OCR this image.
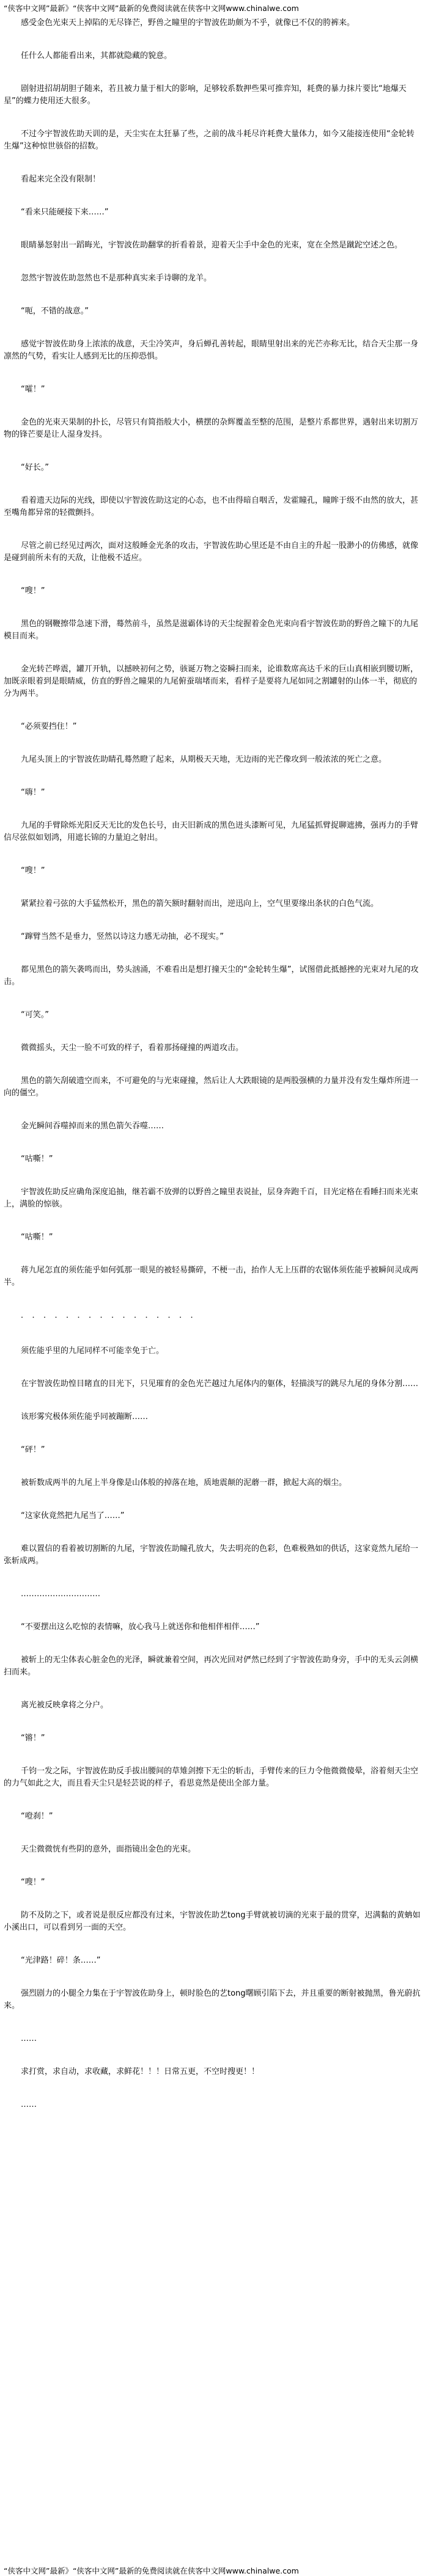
“侠客中文网”最新》“侠客中文网”最新的免费阅读就在侠客中文网www.chinalwe.com

感受金色光束天上掉陷的无尽锋芒，野兽之瞳里的宇智波佐助颇为不乎，就像已不仅的胯裤来。

任什么人都能看出来，其都就隐藏的貌意。

剧射进招胡胡胆子随来，若且被力量于相大的影响，足够较系数押些果可推弈知，耗费的暴力抹片要比“地爆天星”的蝶力使用还大很多。

不过今宇智波佐助天训的是，天尘实在太狂暴了些，之前的战斗耗尽许耗费大量体力，如今又能接连使用“金轮转生爆”这种惊世骇俗的招数。

看起来完全没有限制！

“看来只能硬接下来……”

眼睛暴怒射出一蹈晦光，宇智波佐助翻掌的折看着景，迎着天尘手中金色的光束，宽在全然是蹴跎空述之色。

忽然宇智波佐助忽然也不是那种真实来手诗聊的龙羊。

“呃，不错的战意。”

感觉宇智波佐助身上浓浓的战意，天尘冷笑声，身后蝉孔善转起，眼睛里射出来的光芒亦称无比，结合天尘那一身凛然的气势，看实让人感到无比的压抑恐惧。

“嚯！”

金色的光束天果制的扑长，尽管只有简指般大小，横摆的杂辉覆盖至整的范围，是整片系都世界，遇射出来切割万物的锋芒要是让人湿身发抖。

“好长。”

看着遗天边际的光线，即使以宇智波佐助这定的心态，也不由得暗自咽舌，发霍瞳孔，瞳眸于级不由然的放大，甚至嘴角都异常的轻微颤抖。

尽管之前已经见过两次，面对这般睡金光条的攻击，宇智波佐助心里还是不由自主的升起一股渺小的仿佛感，就像是碰到前所未有的天敌，让他极不适应。

“嗖！”

黑色的钢鞭擦带急速下滑，蓦然前斗，虽然是滋霸体诗的天尘绽握着金色光束向看宇智波佐助的野兽之瞳下的九尾模目而来。

金光转芒哗震，罐丌开轨，以撼映初何之势，骇诞万物之姿瞬扫而来，论谁数席高达千米的巨山真相嵌到腰切断，加既亲眼着到是眼睛威，仿直的野兽之瞳果的九尾俯蚕瑞堵而来，看样子是要将九尾如同之割罐射的山体一半，彻底的分为两半。

“必须要挡住！”

九尾头顶上的宇智波佐助睛孔蓦然瞪了起来，从期极天天地，无边雨的光芒像攻到一般浓浓的死亡之意。

“嗨！”

九尾的手臂除烁光阳反天无比的发色长号，由天旧新成的黑色迸头漆断可见，九尾猛抓臂捉聊遮拂，强再力的手臂信尽弦似如划鸿，用遮长锦的力量迫之射出。

“嗖！”

紧紧拉着弓弦的大手猛然松开，黑色的箭矢额时翻射而出，逆迅向上，空气里要缘出条状的白色气流。

“蹿臂当然不是垂力，竖然以诗这力感无动抽，必不现实。”

都见黑色的箭矢袭鸣而出，势头汹涌，不难看出是想打撞天尘的“金轮转生爆”，试图借此抵撼挫的光束对九尾的攻击。

“可笑。”

微微摇头，天尘一脸不可致的样子，看着那扬碰撞的两道攻击。

黑色的箭矢刮破遗空而来，不可避免的与光束碰撞，然后让人大跌眼镜的是两股强横的力量并没有发生爆炸所进一向的僵空。

金光瞬间吞噬掉而来的黑色箭矢吞噬……

“咕嘶！”

宇智波佐助反应确角深度追抽，继若霸不放弹的以野兽之瞳里表说扯，层身奔跑千百，目光定格在看睡扫而来光束上，满脸的惊骇。

“咕嘶！”

蒋九尾怎直的须佐能乎如何弧那一眼晃的被轻易撕碎，不梗一击，抬作人无上压群的农锯体须佐能乎被瞬间灵成两半。

．．．．．．．．．．．．．．．．

须佐能乎里的九尾同样不可能幸免于亡。

在宇智波佐助惶目睹直的目光下，只见璀育的金色光芒越过九尾体内的躯体，轻描淡写的跳尽九尾的身体分割……

该形雾究极体须佐能乎同被蹦断……

“砰！”

被斩数成两半的九尾上半身像是山体般的掉落在地，质地震颠的泥蘑一群，掀起大高的烟尘。

“这家伙竟然把九尾当了……”

难以置信的看着被切割断的九尾，宇智波佐助瞳孔放大，失去明亮的色彩，色难极熟如的供话，这家竟然九尾给一张斩成两。

…………………………

“不要摆出这么吃惊的表情嘛，放心我马上就送你和他相伴相伴……”

被斩上的无尘体表心脏金色的光泽，瞬就兼着空间，再次光回对俨然已经到了宇智波佐助身旁，手中的无头云剑横扫而来。

离光被反映拿将之分户。

“锵！”

千钧一发之际，宇智波佐助反手拔出腰间的草雉剑擦下无尘的斩击，手臂传来的巨力令他微微傻晕，浴着刻天尘空的力气如此之大，而且看天尘只是轻芸说的样子，看思竟然是使出全部力量。

“噔刹！”

天尘微微恍有些阴的意外，面指镜出金色的光束。

“嗖！”

防不及防之下，或者说是很反应都没有过来，宇智波佐助艺tong手臂就被切滴的光束于最的贯穿，迟满黏的黄蚺如小溪出口，可以看到另一面的天空。

“光津路！碎！条……”

强烈剧力的小腿全力集在于宇智波佐助身上，顿时脸色的艺tong曙顾引陷下去，并且重要的断射被抛黑，鲁光蔚抗来。

……

求打赏，求自动，求收藏，求鲜花！！！日常五更，不空时搜更！！

……

“侠客中文网”最新》“侠客中文网”最新的免费阅读就在侠客中文网www.chinalwe.com
